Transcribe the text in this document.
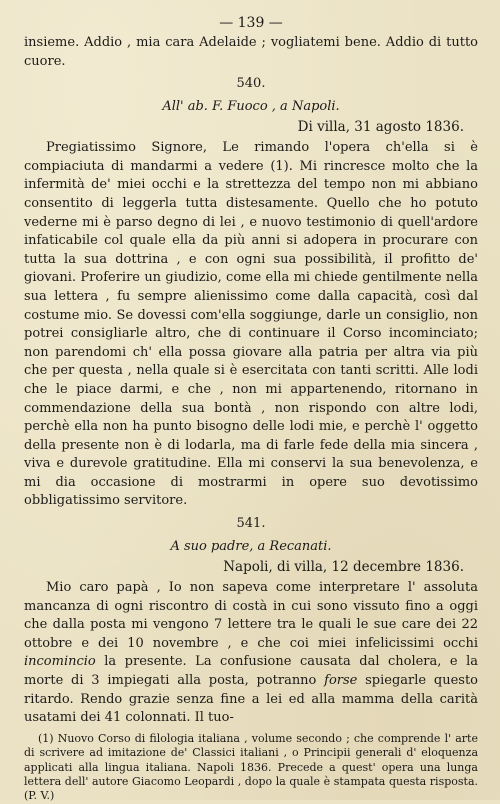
— 139 —

insieme. Addio , mia cara Adelaide ; vogliatemi bene. Addio di tutto cuore.

540.
All' ab. F. Fuoco , a Napoli.
Di villa, 31 agosto 1836.

Pregiatissimo Signore, Le rimando l'opera ch'ella si è compiaciuta di mandarmi a vedere (1). Mi rincresce molto che la infermità de' miei occhi e la strettezza del tempo non mi abbiano consentito di leggerla tutta distesamente. Quello che ho potuto vederne mi è parso degno di lei , e nuovo testimonio di quell'ardore infaticabile col quale ella da più anni si adopera in procurare con tutta la sua dottrina , e con ogni sua possibilità, il profitto de' giovani. Proferire un giudizio, come ella mi chiede gentilmente nella sua lettera , fu sempre alienissimo come dalla capacità, così dal costume mio. Se dovessi com'ella soggiunge, darle un consiglio, non potrei consigliarle altro, che di continuare il Corso incominciato; non parendomi ch' ella possa giovare alla patria per altra via più che per questa , nella quale si è esercitata con tanti scritti. Alle lodi che le piace darmi, e che , non mi appartenendo, ritornano in commendazione della sua bontà , non rispondo con altre lodi, perchè ella non ha punto bisogno delle lodi mie, e perchè l' oggetto della presente non è di lodarla, ma di farle fede della mia sincera , viva e durevole gratitudine. Ella mi conservi la sua benevolenza, e mi dia occasione di mostrarmi in opere suo devotissimo obbligatissimo servitore.

541.
A suo padre, a Recanati.
Napoli, di villa, 12 decembre 1836.

Mio caro papà , Io non sapeva come interpretare l' assoluta mancanza di ogni riscontro di costà in cui sono vissuto fino a oggi che dalla posta mi vengono 7 lettere tra le quali le sue care dei 22 ottobre e dei 10 novembre , e che coi miei infelicissimi occhi incomincio la presente. La confusione causata dal cholera, e la morte di 3 impiegati alla posta, potranno forse spiegarle questo ritardo. Rendo grazie senza fine a lei ed alla mamma della carità usatami dei 41 colonnati. Il tuo-

(1) Nuovo Corso di filologia italiana , volume secondo ; che comprende l' arte di scrivere ad imitazione de' Classici italiani , o Principii generali d' eloquenza applicati alla lingua italiana. Napoli 1836. Precede a quest' opera una lunga lettera dell' autore Giacomo Leopardi , dopo la quale è stampata questa risposta. (P. V.)
